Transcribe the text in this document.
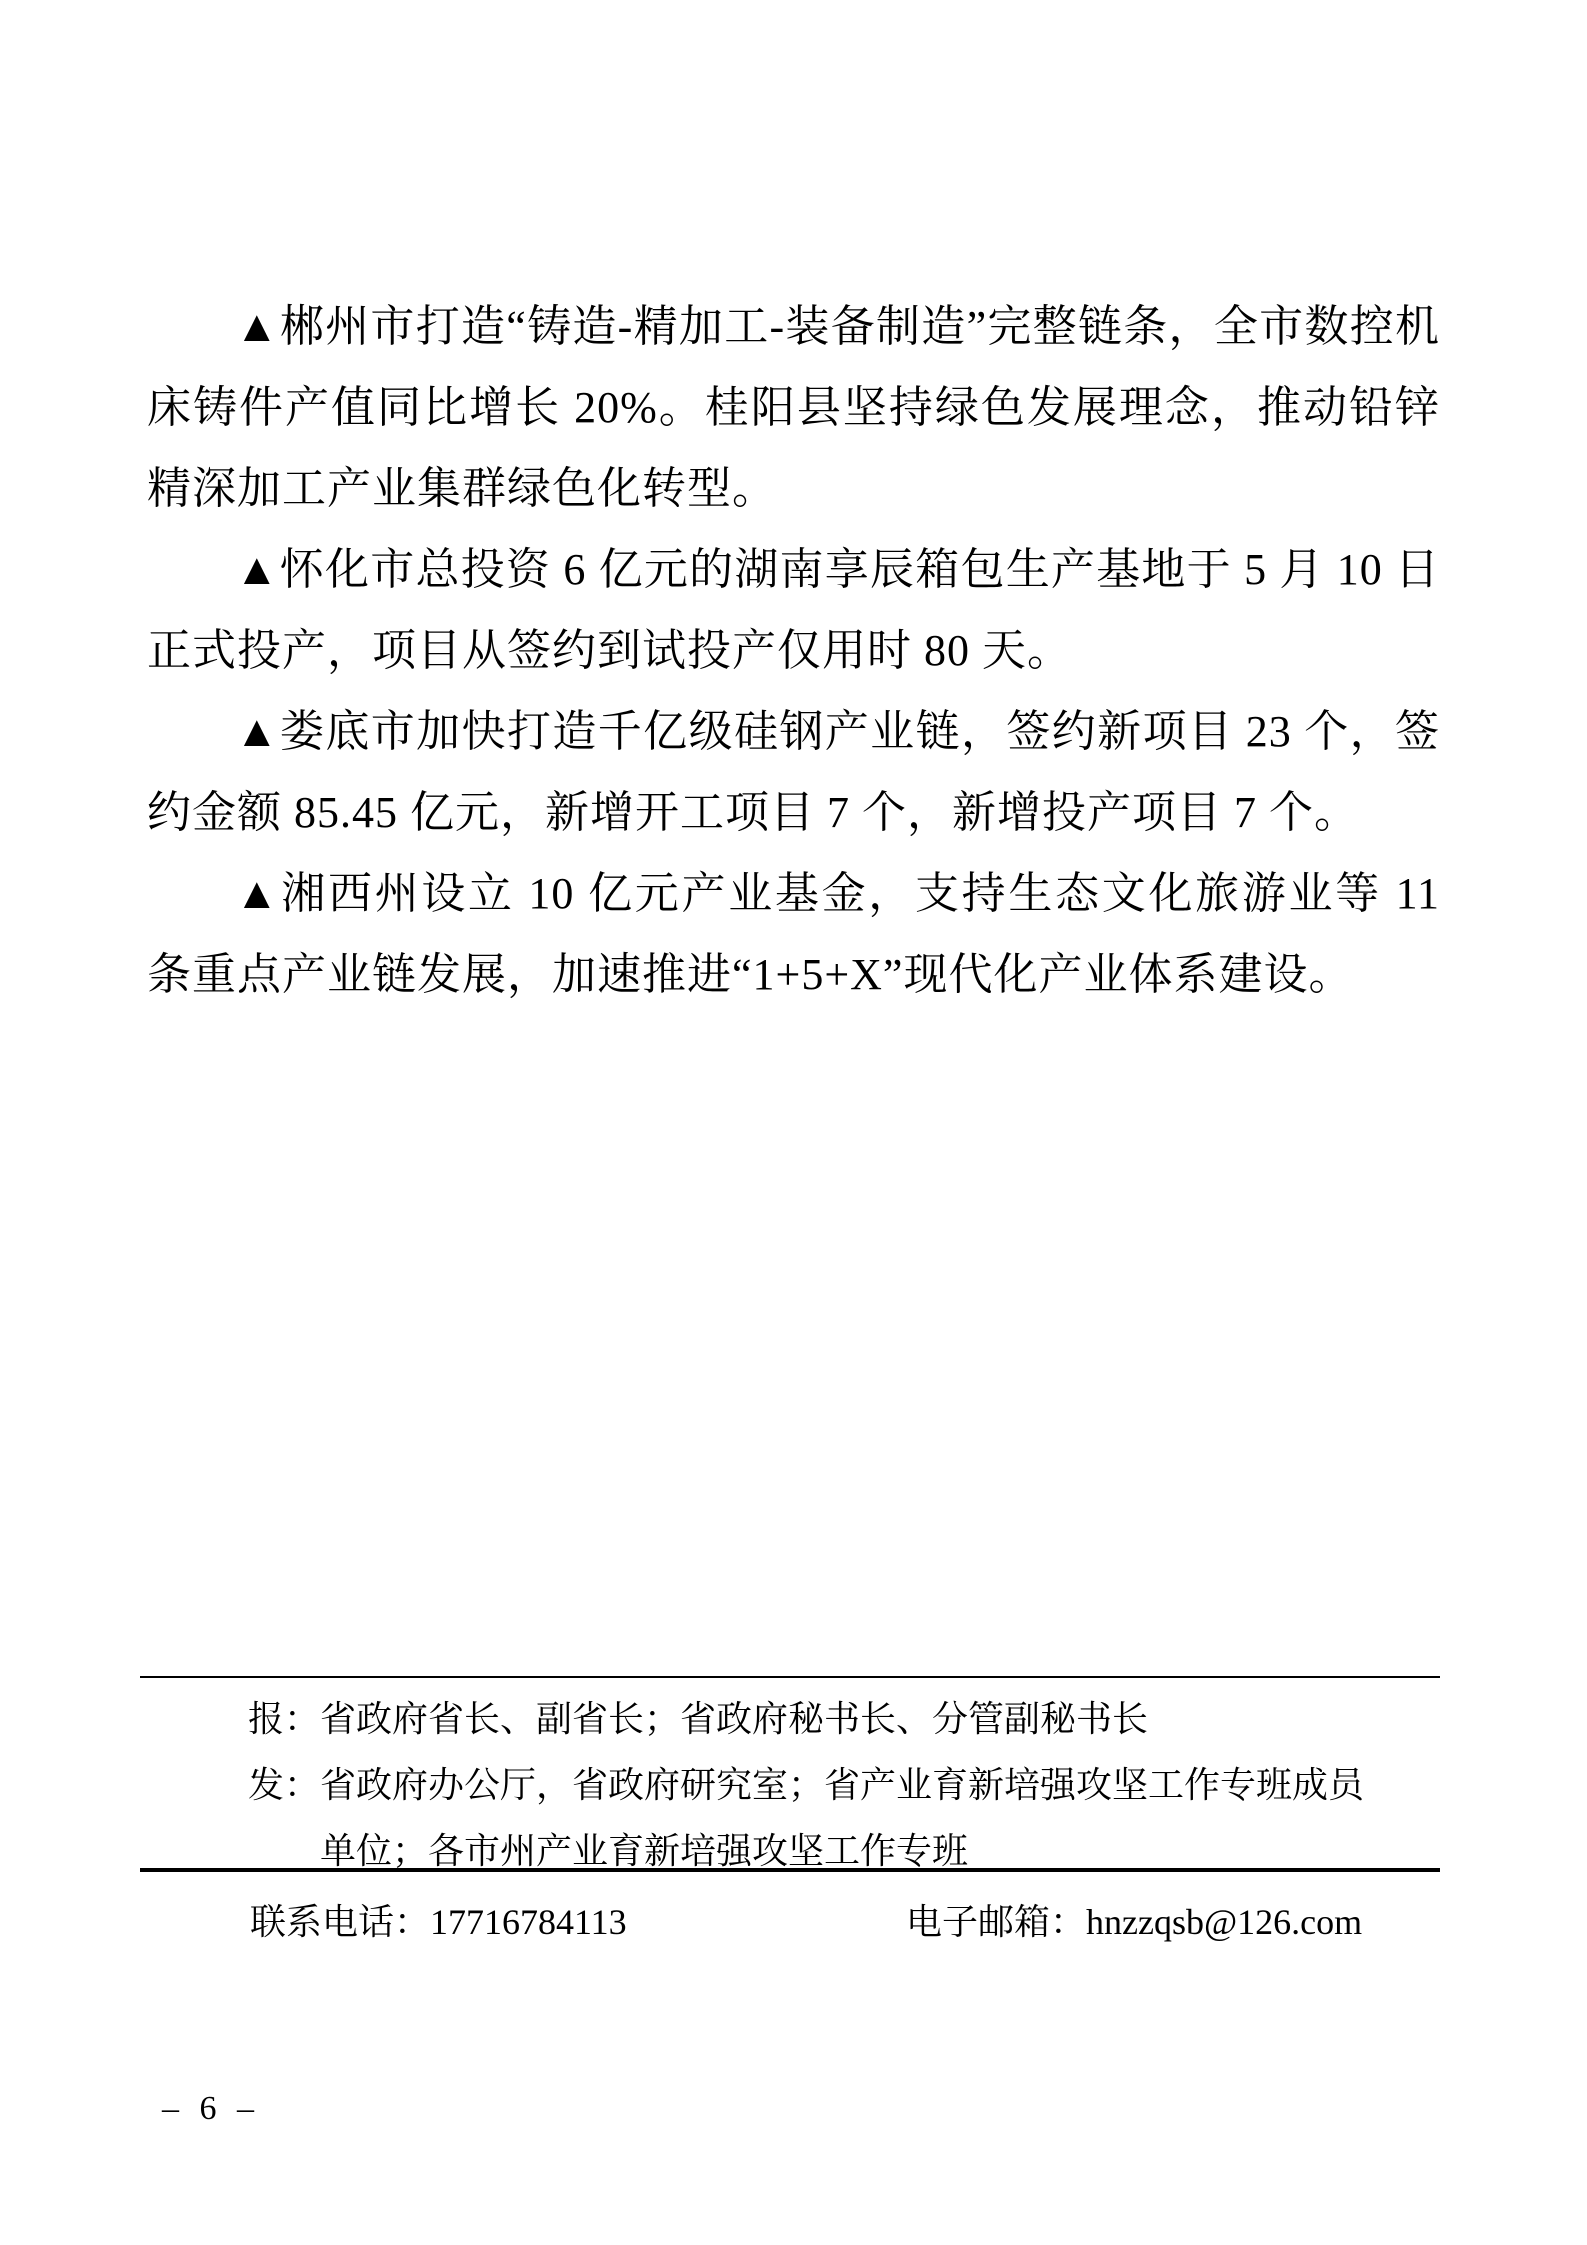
▲郴州市打造“铸造-精加工-装备制造”完整链条，全市数控机床铸件产值同比增长 20%。桂阳县坚持绿色发展理念，推动铅锌精深加工产业集群绿色化转型。

▲怀化市总投资 6 亿元的湖南享辰箱包生产基地于 5 月 10 日正式投产，项目从签约到试投产仅用时 80 天。

▲娄底市加快打造千亿级硅钢产业链，签约新项目 23 个，签约金额 85.45 亿元，新增开工项目 7 个，新增投产项目 7 个。

▲湘西州设立 10 亿元产业基金，支持生态文化旅游业等 11 条重点产业链发展，加速推进“1+5+X”现代化产业体系建设。

报：省政府省长、副省长；省政府秘书长、分管副秘书长
发：省政府办公厅，省政府研究室；省产业育新培强攻坚工作专班成员
单位；各市州产业育新培强攻坚工作专班
联系电话：17716784113	电子邮箱：hnzzqsb@126.com
– 6 –
